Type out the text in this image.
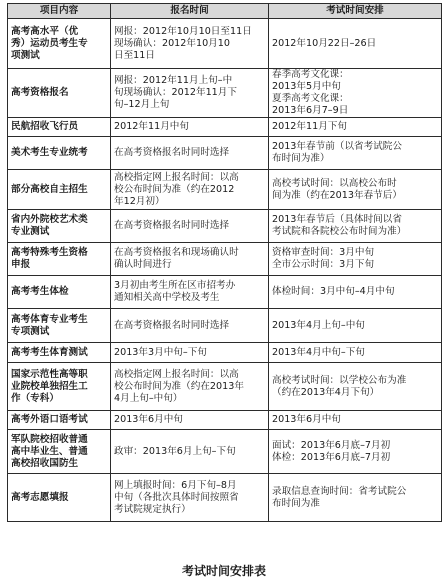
项目内容	报名时间	考试时间安排

高考高水平（优
秀）运动员考生专
项测试	网报：2012年10月10日至11日
现场确认：2012年10月10
日至11日	2012年10月22日–26日

高考资格报名	网报：2012年11月上旬–中
旬现场确认：2012年11月下
旬–12月上旬	春季高考文化课：
2013年5月中旬
夏季高考文化课：
2013年6月7–9日

民航招收飞行员	2012年11月中旬	2012年11月下旬

美术考生专业统考	在高考资格报名时同时选择	2013年春节前（以省考试院公
布时间为准）

部分高校自主招生	高校指定网上报名时间：以高
校公布时间为准（约在2012
年12月初）	高校考试时间：以高校公布时
间为准（约在2013年春节后）

省内外院校艺术类
专业测试	在高考资格报名时同时选择	2013年春节后（具体时间以省
考试院和各院校公布时间为准）

高考特殊考生资格
申报	在高考资格报名和现场确认时
确认时间进行	资格审查时间：3月中旬
全市公示时间：3月下旬

高考考生体检	3月初由考生所在区市招考办
通知相关高中学校及考生	体检时间：3月中旬–4月中旬

高考体育专业考生
专项测试	在高考资格报名时同时选择	2013年4月上旬–中旬

高考考生体育测试	2013年3月中旬–下旬	2013年4月中旬–下旬

国家示范性高等职
业院校单独招生工
作（专科）	高校指定网上报名时间：以高
校公布时间为准（约在2013年
4月上旬–中旬）	高校考试时间：以学校公布为准
（约在2013年4月下旬）

高考外语口语考试	2013年6月中旬	2013年6月中旬

军队院校招收普通
高中毕业生、普通
高校招收国防生	政审：2013年6月上旬–下旬	面试：2013年6月底–7月初
体检：2013年6月底–7月初

高考志愿填报	网上填报时间：6月下旬–8月
中旬（各批次具体时间按照省
考试院规定执行）	录取信息查询时间：省考试院公
布时间为准
考试时间安排表
